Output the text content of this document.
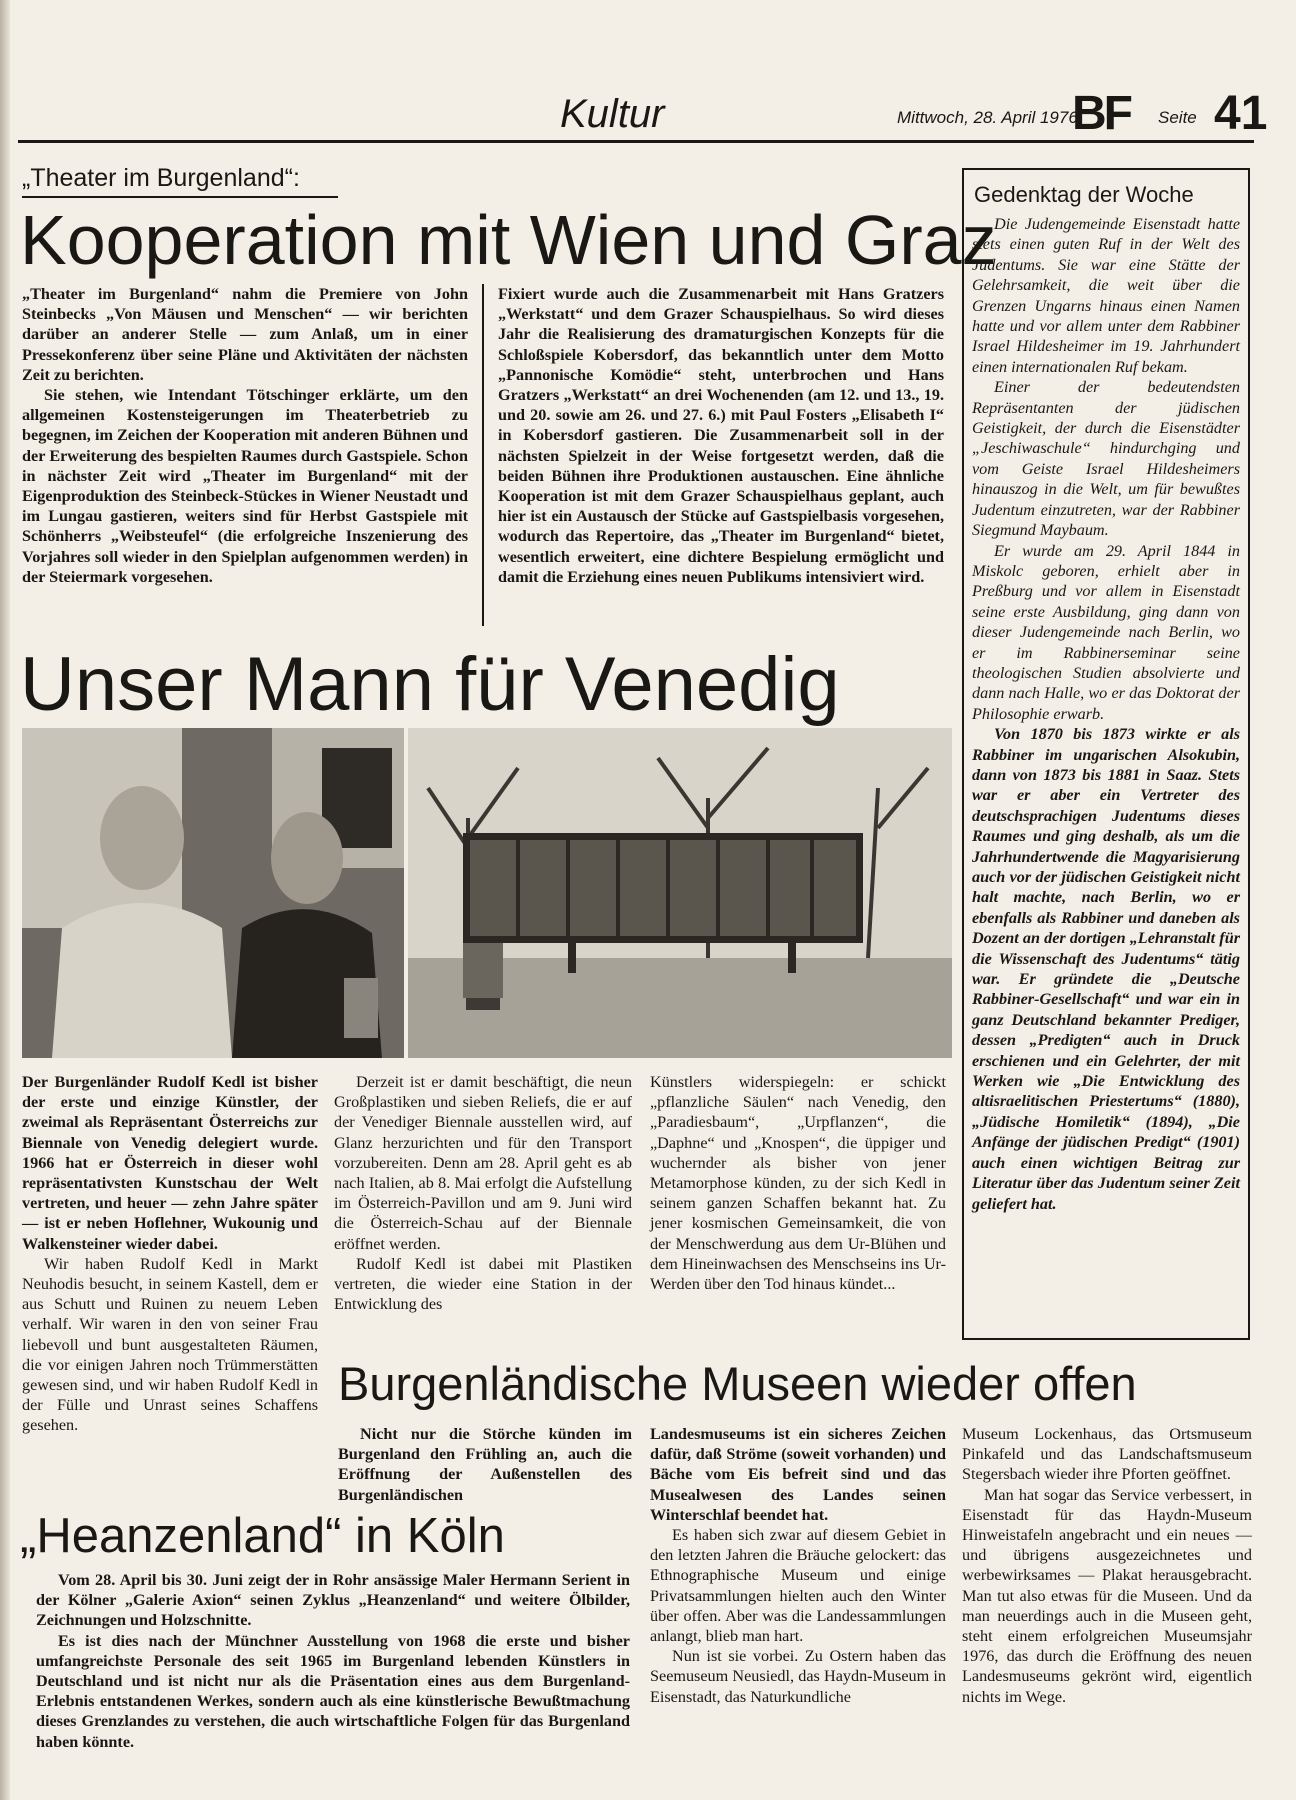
Kultur	Mittwoch, 28. April 1976
BF Seite 41
„Theater im Burgenland“:
Kooperation mit Wien und Graz

„Theater im Burgenland“ nahm die Premiere von John Steinbecks „Von Mäusen und Menschen“ — wir berichten darüber an anderer Stelle — zum Anlaß, um in einer Pressekonferenz über seine Pläne und Aktivitäten der nächsten Zeit zu berichten.

Sie stehen, wie Intendant Tötschinger erklärte, um den allgemeinen Kostensteigerungen im Theaterbetrieb zu begegnen, im Zeichen der Kooperation mit anderen Bühnen und der Erweiterung des bespielten Raumes durch Gastspiele. Schon in nächster Zeit wird „Theater im Burgenland“ mit der Eigenproduktion des Steinbeck-Stückes in Wiener Neustadt und im Lungau gastieren, weiters sind für Herbst Gastspiele mit Schönherrs „Weibsteufel“ (die erfolgreiche Inszenierung des Vorjahres soll wieder in den Spielplan aufgenommen werden) in der Steiermark vorgesehen.

Fixiert wurde auch die Zusammenarbeit mit Hans Gratzers „Werkstatt“ und dem Grazer Schauspielhaus. So wird dieses Jahr die Realisierung des dramaturgischen Konzepts für die Schloßspiele Kobersdorf, das bekanntlich unter dem Motto „Pannonische Komödie“ steht, unterbrochen und Hans Gratzers „Werkstatt“ an drei Wochenenden (am 12. und 13., 19. und 20. sowie am 26. und 27. 6.) mit Paul Fosters „Elisabeth I“ in Kobersdorf gastieren. Die Zusammenarbeit soll in der nächsten Spielzeit in der Weise fortgesetzt werden, daß die beiden Bühnen ihre Produktionen austauschen. Eine ähnliche Kooperation ist mit dem Grazer Schauspielhaus geplant, auch hier ist ein Austausch der Stücke auf Gastspielbasis vorgesehen, wodurch das Repertoire, das „Theater im Burgenland“ bietet, wesentlich erweitert, eine dichtere Bespielung ermöglicht und damit die Erziehung eines neuen Publikums intensiviert wird.

Gedenktag der Woche

Die Judengemeinde Eisenstadt hatte stets einen guten Ruf in der Welt des Judentums. Sie war eine Stätte der Gelehrsamkeit, die weit über die Grenzen Ungarns hinaus einen Namen hatte und vor allem unter dem Rabbiner Israel Hildesheimer im 19. Jahrhundert einen internationalen Ruf bekam.

Einer der bedeutendsten Repräsentanten der jüdischen Geistigkeit, der durch die Eisenstädter „Jeschiwaschule“ hindurchging und vom Geiste Israel Hildesheimers hinauszog in die Welt, um für bewußtes Judentum einzutreten, war der Rabbiner Siegmund Maybaum.

Er wurde am 29. April 1844 in Miskolc geboren, erhielt aber in Preßburg und vor allem in Eisenstadt seine erste Ausbildung, ging dann von dieser Judengemeinde nach Berlin, wo er im Rabbinerseminar seine theologischen Studien absolvierte und dann nach Halle, wo er das Doktorat der Philosophie erwarb.

Von 1870 bis 1873 wirkte er als Rabbiner im ungarischen Alsokubin, dann von 1873 bis 1881 in Saaz. Stets war er aber ein Vertreter des deutschsprachigen Judentums dieses Raumes und ging deshalb, als um die Jahrhundertwende die Magyarisierung auch vor der jüdischen Geistigkeit nicht halt machte, nach Berlin, wo er ebenfalls als Rabbiner und daneben als Dozent an der dortigen „Lehranstalt für die Wissenschaft des Judentums“ tätig war. Er gründete die „Deutsche Rabbiner-Gesellschaft“ und war ein in ganz Deutschland bekannter Prediger, dessen „Predigten“ auch in Druck erschienen und ein Gelehrter, der mit Werken wie „Die Entwicklung des altisraelitischen Priestertums“ (1880), „Jüdische Homiletik“ (1894), „Die Anfänge der jüdischen Predigt“ (1901) auch einen wichtigen Beitrag zur Literatur über das Judentum seiner Zeit geliefert hat.

Unser Mann für Venedig

Der Burgenländer Rudolf Kedl ist bisher der erste und einzige Künstler, der zweimal als Repräsentant Österreichs zur Biennale von Venedig delegiert wurde. 1966 hat er Österreich in dieser wohl repräsentativsten Kunstschau der Welt vertreten, und heuer — zehn Jahre später — ist er neben Hoflehner, Wukounig und Walkensteiner wieder dabei.

Wir haben Rudolf Kedl in Markt Neuhodis besucht, in seinem Kastell, dem er aus Schutt und Ruinen zu neuem Leben verhalf. Wir waren in den von seiner Frau liebevoll und bunt ausgestalteten Räumen, die vor einigen Jahren noch Trümmerstätten gewesen sind, und wir haben Rudolf Kedl in der Fülle und Unrast seines Schaffens gesehen.

Derzeit ist er damit beschäftigt, die neun Großplastiken und sieben Reliefs, die er auf der Venediger Biennale ausstellen wird, auf Glanz herzurichten und für den Transport vorzubereiten. Denn am 28. April geht es ab nach Italien, ab 8. Mai erfolgt die Aufstellung im Österreich-Pavillon und am 9. Juni wird die Österreich-Schau auf der Biennale eröffnet werden.

Rudolf Kedl ist dabei mit Plastiken vertreten, die wieder eine Station in der Entwicklung des

Künstlers widerspiegeln: er schickt „pflanzliche Säulen“ nach Venedig, den „Paradiesbaum“, „Urpflanzen“, die „Daphne“ und „Knospen“, die üppiger und wuchernder als bisher von jener Metamorphose künden, zu der sich Kedl in seinem ganzen Schaffen bekannt hat. Zu jener kosmischen Gemeinsamkeit, die von der Menschwerdung aus dem Ur-Blühen und dem Hineinwachsen des Menschseins ins Ur-Werden über den Tod hinaus kündet...

Burgenländische Museen wieder offen

Nicht nur die Störche künden im Burgenland den Frühling an, auch die Eröffnung der Außenstellen des Burgenländischen

Landesmuseums ist ein sicheres Zeichen dafür, daß Ströme (soweit vorhanden) und Bäche vom Eis befreit sind und das Musealwesen des Landes seinen Winterschlaf beendet hat.

Es haben sich zwar auf diesem Gebiet in den letzten Jahren die Bräuche gelockert: das Ethnographische Museum und einige Privatsammlungen hielten auch den Winter über offen. Aber was die Landessammlungen anlangt, blieb man hart.

Nun ist sie vorbei. Zu Ostern haben das Seemuseum Neusiedl, das Haydn-Museum in Eisenstadt, das Naturkundliche

Museum Lockenhaus, das Ortsmuseum Pinkafeld und das Landschaftsmuseum Stegersbach wieder ihre Pforten geöffnet.

Man hat sogar das Service verbessert, in Eisenstadt für das Haydn-Museum Hinweistafeln angebracht und ein neues — und übrigens ausgezeichnetes und werbewirksames — Plakat herausgebracht. Man tut also etwas für die Museen. Und da man neuerdings auch in die Museen geht, steht einem erfolgreichen Museumsjahr 1976, das durch die Eröffnung des neuen Landesmuseums gekrönt wird, eigentlich nichts im Wege.

„Heanzenland“ in Köln

Vom 28. April bis 30. Juni zeigt der in Rohr ansässige Maler Hermann Serient in der Kölner „Galerie Axion“ seinen Zyklus „Heanzenland“ und weitere Ölbilder, Zeichnungen und Holzschnitte.

Es ist dies nach der Münchner Ausstellung von 1968 die erste und bisher umfangreichste Personale des seit 1965 im Burgenland lebenden Künstlers in Deutschland und ist nicht nur als die Präsentation eines aus dem Burgenland-Erlebnis entstandenen Werkes, sondern auch als eine künstlerische Bewußtmachung dieses Grenzlandes zu verstehen, die auch wirtschaftliche Folgen für das Burgenland haben könnte.
